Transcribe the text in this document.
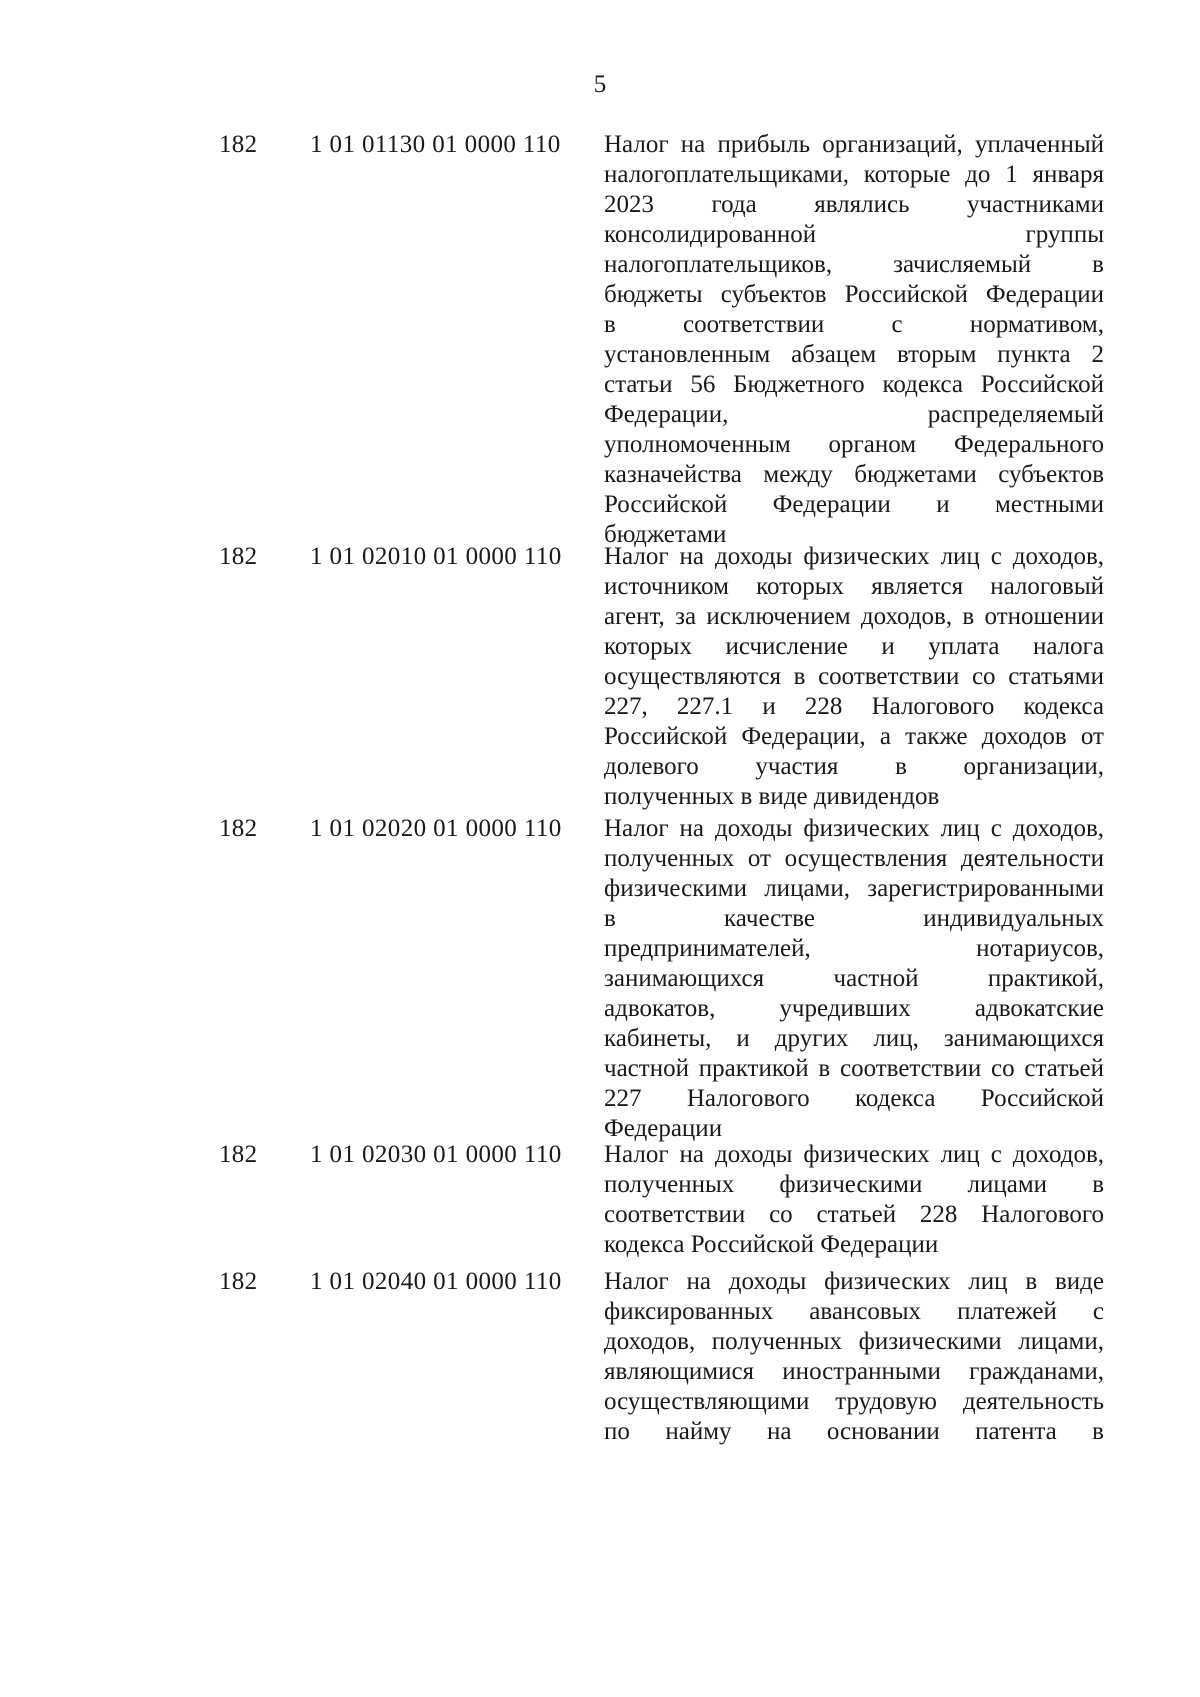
5
182 1 01 01130 01 0000 110 Налог на прибыль организаций, уплаченный
налогоплательщиками, которые до 1 января
2023 года являлись участниками
консолидированной группы
налогоплательщиков, зачисляемый в
бюджеты субъектов Российской Федерации
в соответствии с нормативом,
установленным абзацем вторым пункта 2
статьи 56 Бюджетного кодекса Российской
Федерации, распределяемый
уполномоченным органом Федерального
казначейства между бюджетами субъектов
Российской Федерации и местными
бюджетами
182 1 01 02010 01 0000 110 Налог на доходы физических лиц с доходов,
источником которых является налоговый
агент, за исключением доходов, в отношении
которых исчисление и уплата налога
осуществляются в соответствии со статьями
227, 227.1 и 228 Налогового кодекса
Российской Федерации, а также доходов от
долевого участия в организации,
полученных в виде дивидендов
182 1 01 02020 01 0000 110 Налог на доходы физических лиц с доходов,
полученных от осуществления деятельности
физическими лицами, зарегистрированными
в качестве индивидуальных
предпринимателей, нотариусов,
занимающихся частной практикой,
адвокатов, учредивших адвокатские
кабинеты, и других лиц, занимающихся
частной практикой в соответствии со статьей
227 Налогового кодекса Российской
Федерации
182 1 01 02030 01 0000 110 Налог на доходы физических лиц с доходов,
полученных физическими лицами в
соответствии со статьей 228 Налогового
кодекса Российской Федерации
182 1 01 02040 01 0000 110 Налог на доходы физических лиц в виде
фиксированных авансовых платежей с
доходов, полученных физическими лицами,
являющимися иностранными гражданами,
осуществляющими трудовую деятельность
по найму на основании патента в
